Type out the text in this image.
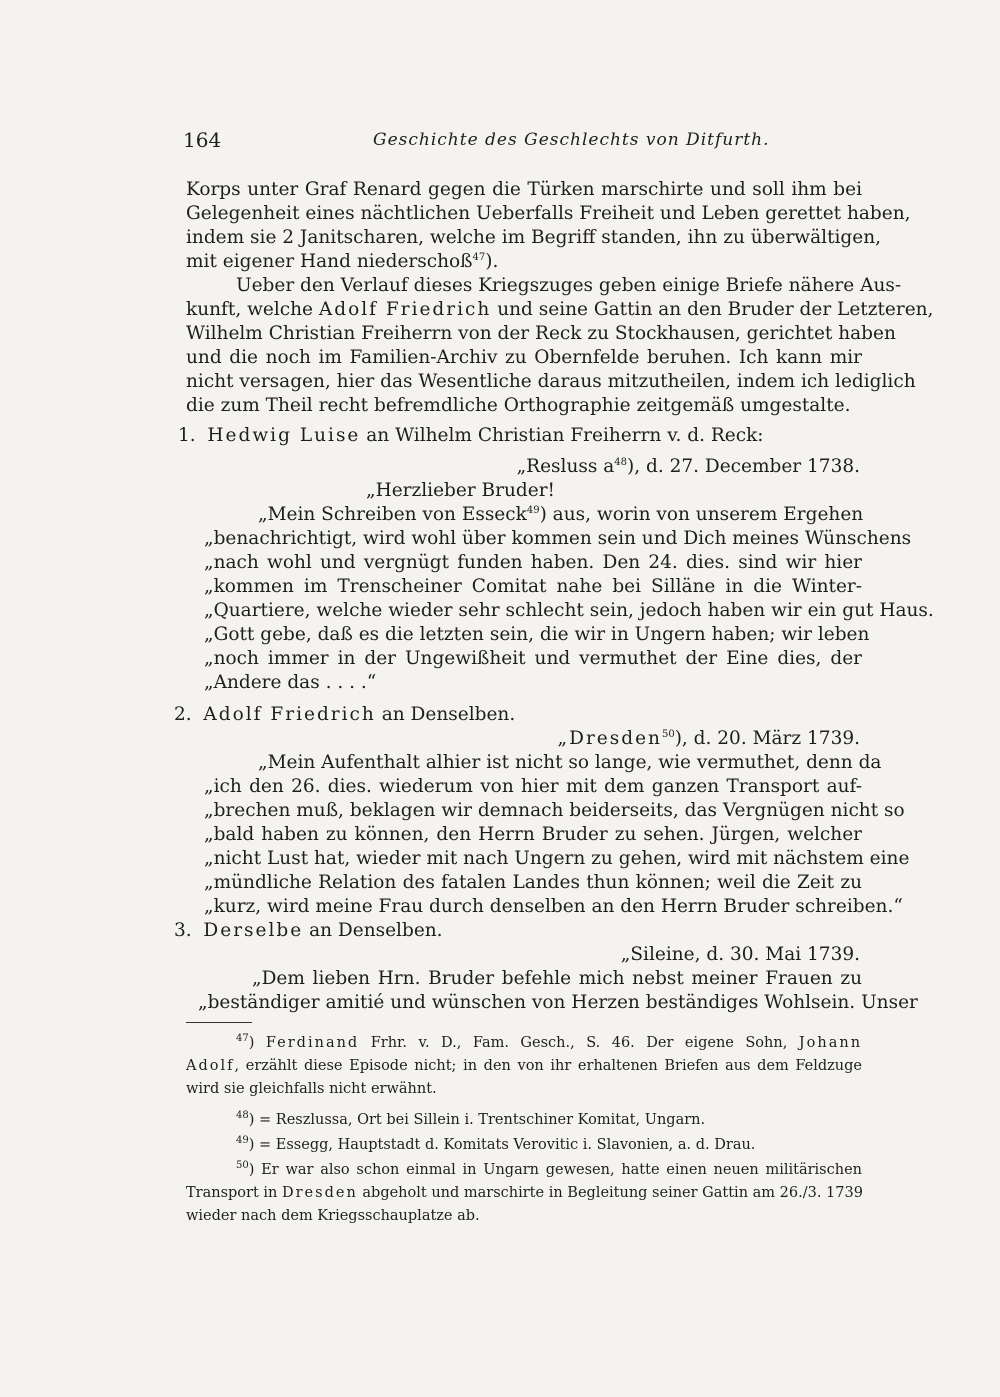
164	Geschichte des Geschlechts von Ditfurth.
Korps unter Graf Renard gegen die Türken marschirte und soll ihm bei
Gelegenheit eines nächtlichen Ueberfalls Freiheit und Leben gerettet haben,
indem sie 2 Janitscharen, welche im Begriff standen, ihn zu überwältigen,
mit eigener Hand niederschoß$^{47}$).
Ueber den Verlauf dieses Kriegszuges geben einige Briefe nähere Aus-
kunft, welche Adolf Friedrich und seine Gattin an den Bruder der Letzteren,
Wilhelm Christian Freiherrn von der Reck zu Stockhausen, gerichtet haben
und die noch im Familien-Archiv zu Obernfelde beruhen. Ich kann mir
nicht versagen, hier das Wesentliche daraus mitzutheilen, indem ich lediglich
die zum Theil recht befremdliche Orthographie zeitgemäß umgestalte.
1. Hedwig Luise an Wilhelm Christian Freiherrn v. d. Reck:
„Resluss $a^{48}$), d. 27. December 1738.
„Herzlieber Bruder!
„Mein Schreiben von Esseck$^{49}$) aus, worin von unserem Ergehen
„benachrichtigt, wird wohl über kommen sein und Dich meines Wünschens
„nach wohl und vergnügt funden haben. Den 24. dies. sind wir hier
„kommen im Trenscheiner Comitat nahe bei Silläne in die Winter-
„Quartiere, welche wieder sehr schlecht sein, jedoch haben wir ein gut Haus.
„Gott gebe, daß es die letzten sein, die wir in Ungern haben; wir leben
„noch immer in der Ungewißheit und vermuthet der Eine dies, der
„Andere das . . . .“
2. Adolf Friedrich an Denselben.
„Dresden$^{50}$), d. 20. März 1739.
„Mein Aufenthalt alhier ist nicht so lange, wie vermuthet, denn da
„ich den 26. dies. wiederum von hier mit dem ganzen Transport auf-
„brechen muß, beklagen wir demnach beiderseits, das Vergnügen nicht so
„bald haben zu können, den Herrn Bruder zu sehen. Jürgen, welcher
„nicht Lust hat, wieder mit nach Ungern zu gehen, wird mit nächstem eine
„mündliche Relation des fatalen Landes thun können; weil die Zeit zu
„kurz, wird meine Frau durch denselben an den Herrn Bruder schreiben.“
3. Derselbe an Denselben.
„Sileine, d. 30. Mai 1739.
„Dem lieben Hrn. Bruder befehle mich nebst meiner Frauen zu
„beständiger amitié und wünschen von Herzen beständiges Wohlsein. Unser
$^{47}$) Ferdinand Frhr. v. D., Fam. Gesch., S. 46. Der eigene Sohn, Johann
Adolf, erzählt diese Episode nicht; in den von ihr erhaltenen Briefen aus dem Feldzuge
wird sie gleichfalls nicht erwähnt.
$^{48}$) = Reszlussa, Ort bei Sillein i. Trentschiner Komitat, Ungarn.
$^{49}$) = Essegg, Hauptstadt d. Komitats Verovitic i. Slavonien, a. d. Drau.
$^{50}$) Er war also schon einmal in Ungarn gewesen, hatte einen neuen militärischen
Transport in Dresden abgeholt und marschirte in Begleitung seiner Gattin am 26./3. 1739
wieder nach dem Kriegsschauplatze ab.
